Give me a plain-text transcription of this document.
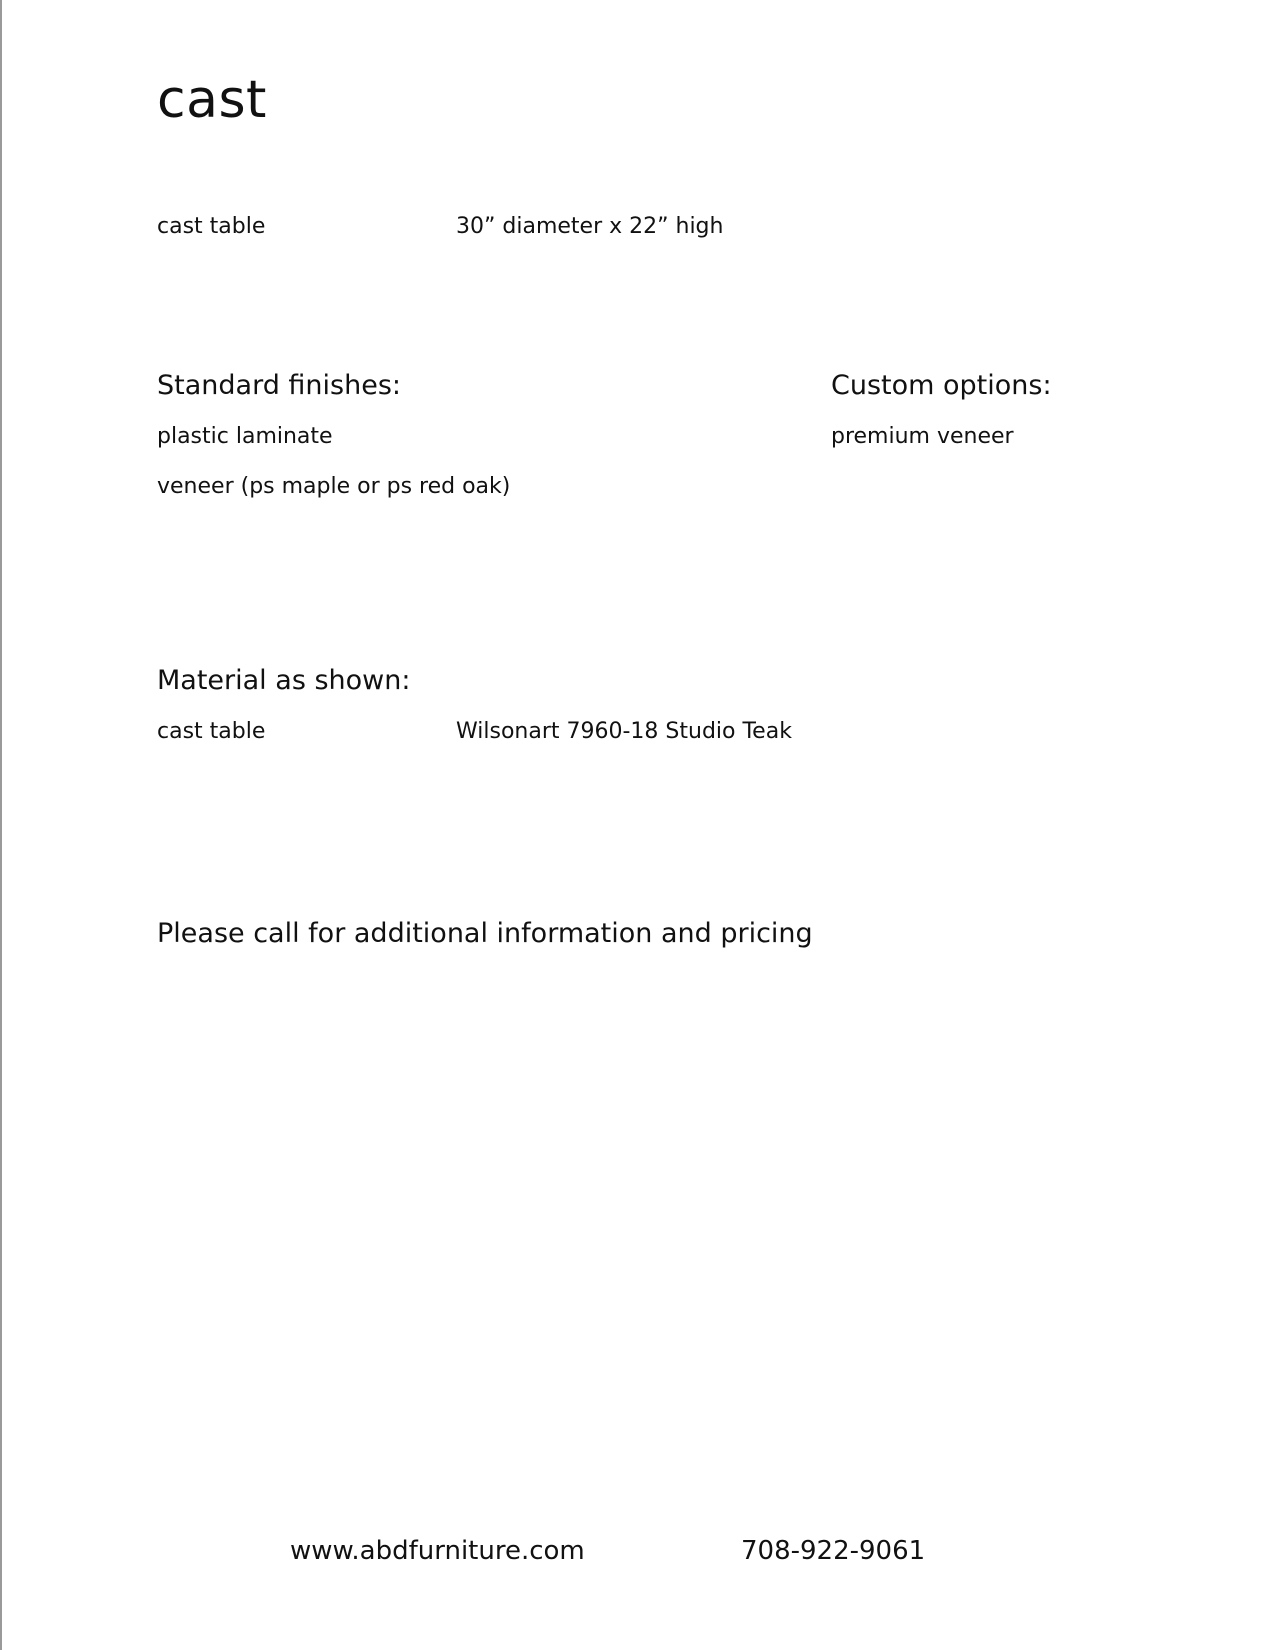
cast
cast table	30” diameter x 22” high
Standard finishes:
plastic laminate
veneer (ps maple or ps red oak)
Custom options:
premium veneer
Material as shown:
cast table	Wilsonart 7960-18 Studio Teak
Please call for additional information and pricing
www.abdfurniture.com	708-922-9061
